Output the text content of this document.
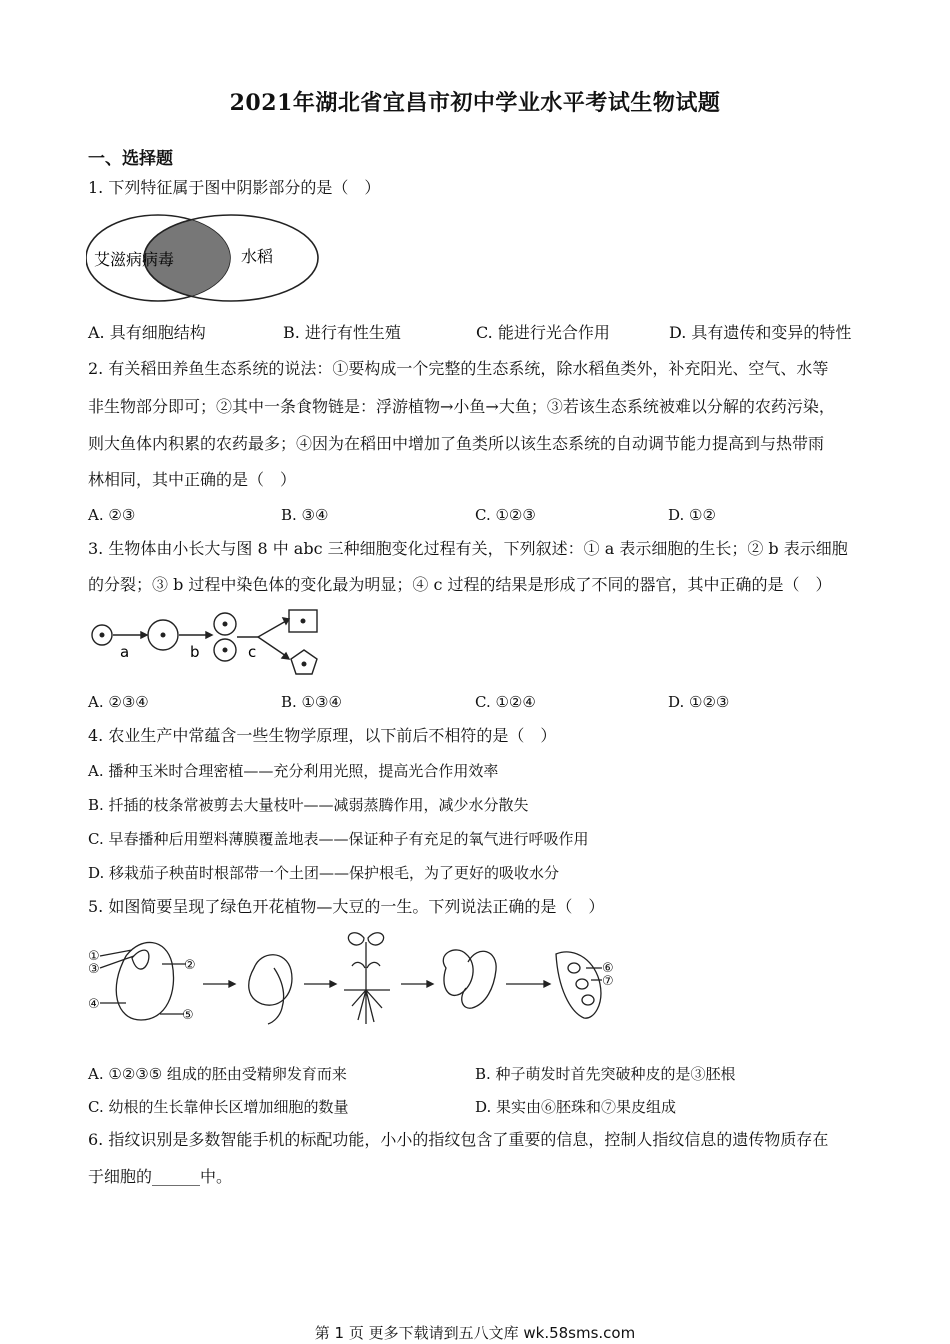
2021年湖北省宜昌市初中学业水平考试生物试题
一、选择题
1. 下列特征属于图中阴影部分的是（　）
艾滋病病毒	水稻
A. 具有细胞结构	B. 进行有性生殖	C. 能进行光合作用	D. 具有遗传和变异的特性
2. 有关稻田养鱼生态系统的说法：①要构成一个完整的生态系统，除水稻鱼类外，补充阳光、空气、水等
非生物部分即可；②其中一条食物链是：浮游植物→小鱼→大鱼；③若该生态系统被难以分解的农药污染，
则大鱼体内积累的农药最多；④因为在稻田中增加了鱼类所以该生态系统的自动调节能力提高到与热带雨
林相同，其中正确的是（　）
A. ②③	B. ③④	C. ①②③	D. ①②
3. 生物体由小长大与图 8 中 abc 三种细胞变化过程有关，下列叙述：① a 表示细胞的生长；② b 表示细胞
的分裂；③ b 过程中染色体的变化最为明显；④ c 过程的结果是形成了不同的器官，其中正确的是（　）
a	b	c
A. ②③④	B. ①③④	C. ①②④	D. ①②③
4. 农业生产中常蕴含一些生物学原理，以下前后不相符的是（　）
A. 播种玉米时合理密植——充分利用光照，提高光合作用效率
B. 扦插的枝条常被剪去大量枝叶——减弱蒸腾作用，减少水分散失
C. 早春播种后用塑料薄膜覆盖地表——保证种子有充足的氧气进行呼吸作用
D. 移栽茄子秧苗时根部带一个土团——保护根毛，为了更好的吸收水分
5. 如图简要呈现了绿色开花植物—大豆的一生。下列说法正确的是（　）
①
③	②
④
⑤
⑥
⑦
A. ①②③⑤ 组成的胚由受精卵发育而来	B. 种子萌发时首先突破种皮的是③胚根
C. 幼根的生长靠伸长区增加细胞的数量	D. 果实由⑥胚珠和⑦果皮组成
6. 指纹识别是多数智能手机的标配功能，小小的指纹包含了重要的信息，控制人指纹信息的遗传物质存在
于细胞的______中。
第 1 页 更多下载请到五八文库 wk.58sms.com
